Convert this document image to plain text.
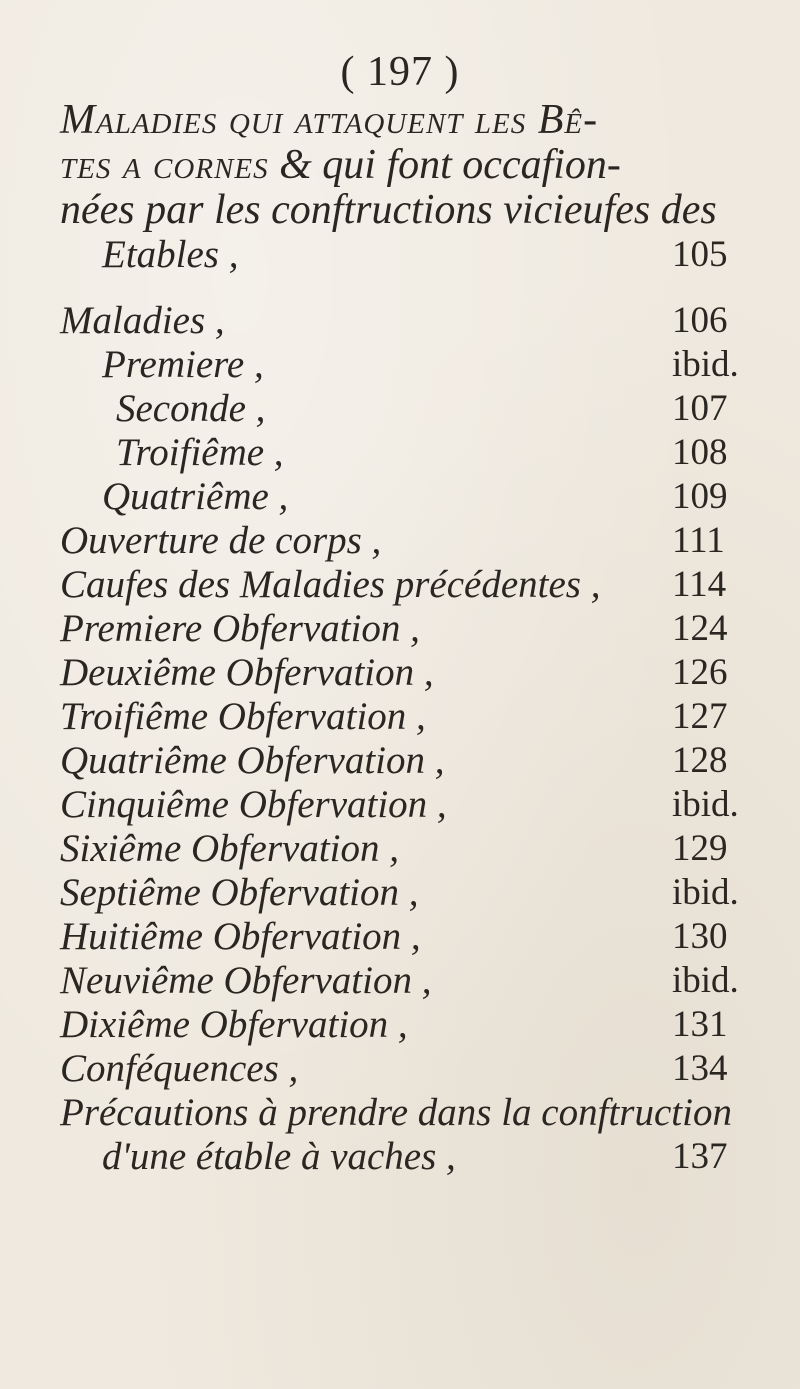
( 197 )
Maladies qui attaquent les Bê-
tes a cornes & qui font occafion-
nées par les conftructions vicieufes des
Etables ,	105
Maladies ,	106
Premiere ,	ibid.
Seconde ,	107
Troifiême ,	108
Quatriême ,	109
Ouverture de corps ,	111
Caufes des Maladies précédentes , 114
Premiere Obfervation ,	124
Deuxiême Obfervation ,	126
Troifiême Obfervation ,	127
Quatriême Obfervation ,	128
Cinquiême Obfervation ,	ibid.
Sixiême Obfervation ,	129
Septiême Obfervation ,	ibid.
Huitiême Obfervation ,	130
Neuviême Obfervation ,	ibid.
Dixiême Obfervation ,	131
Conféquences ,	134
Précautions à prendre dans la conftruction
d'une étable à vaches ,	137
